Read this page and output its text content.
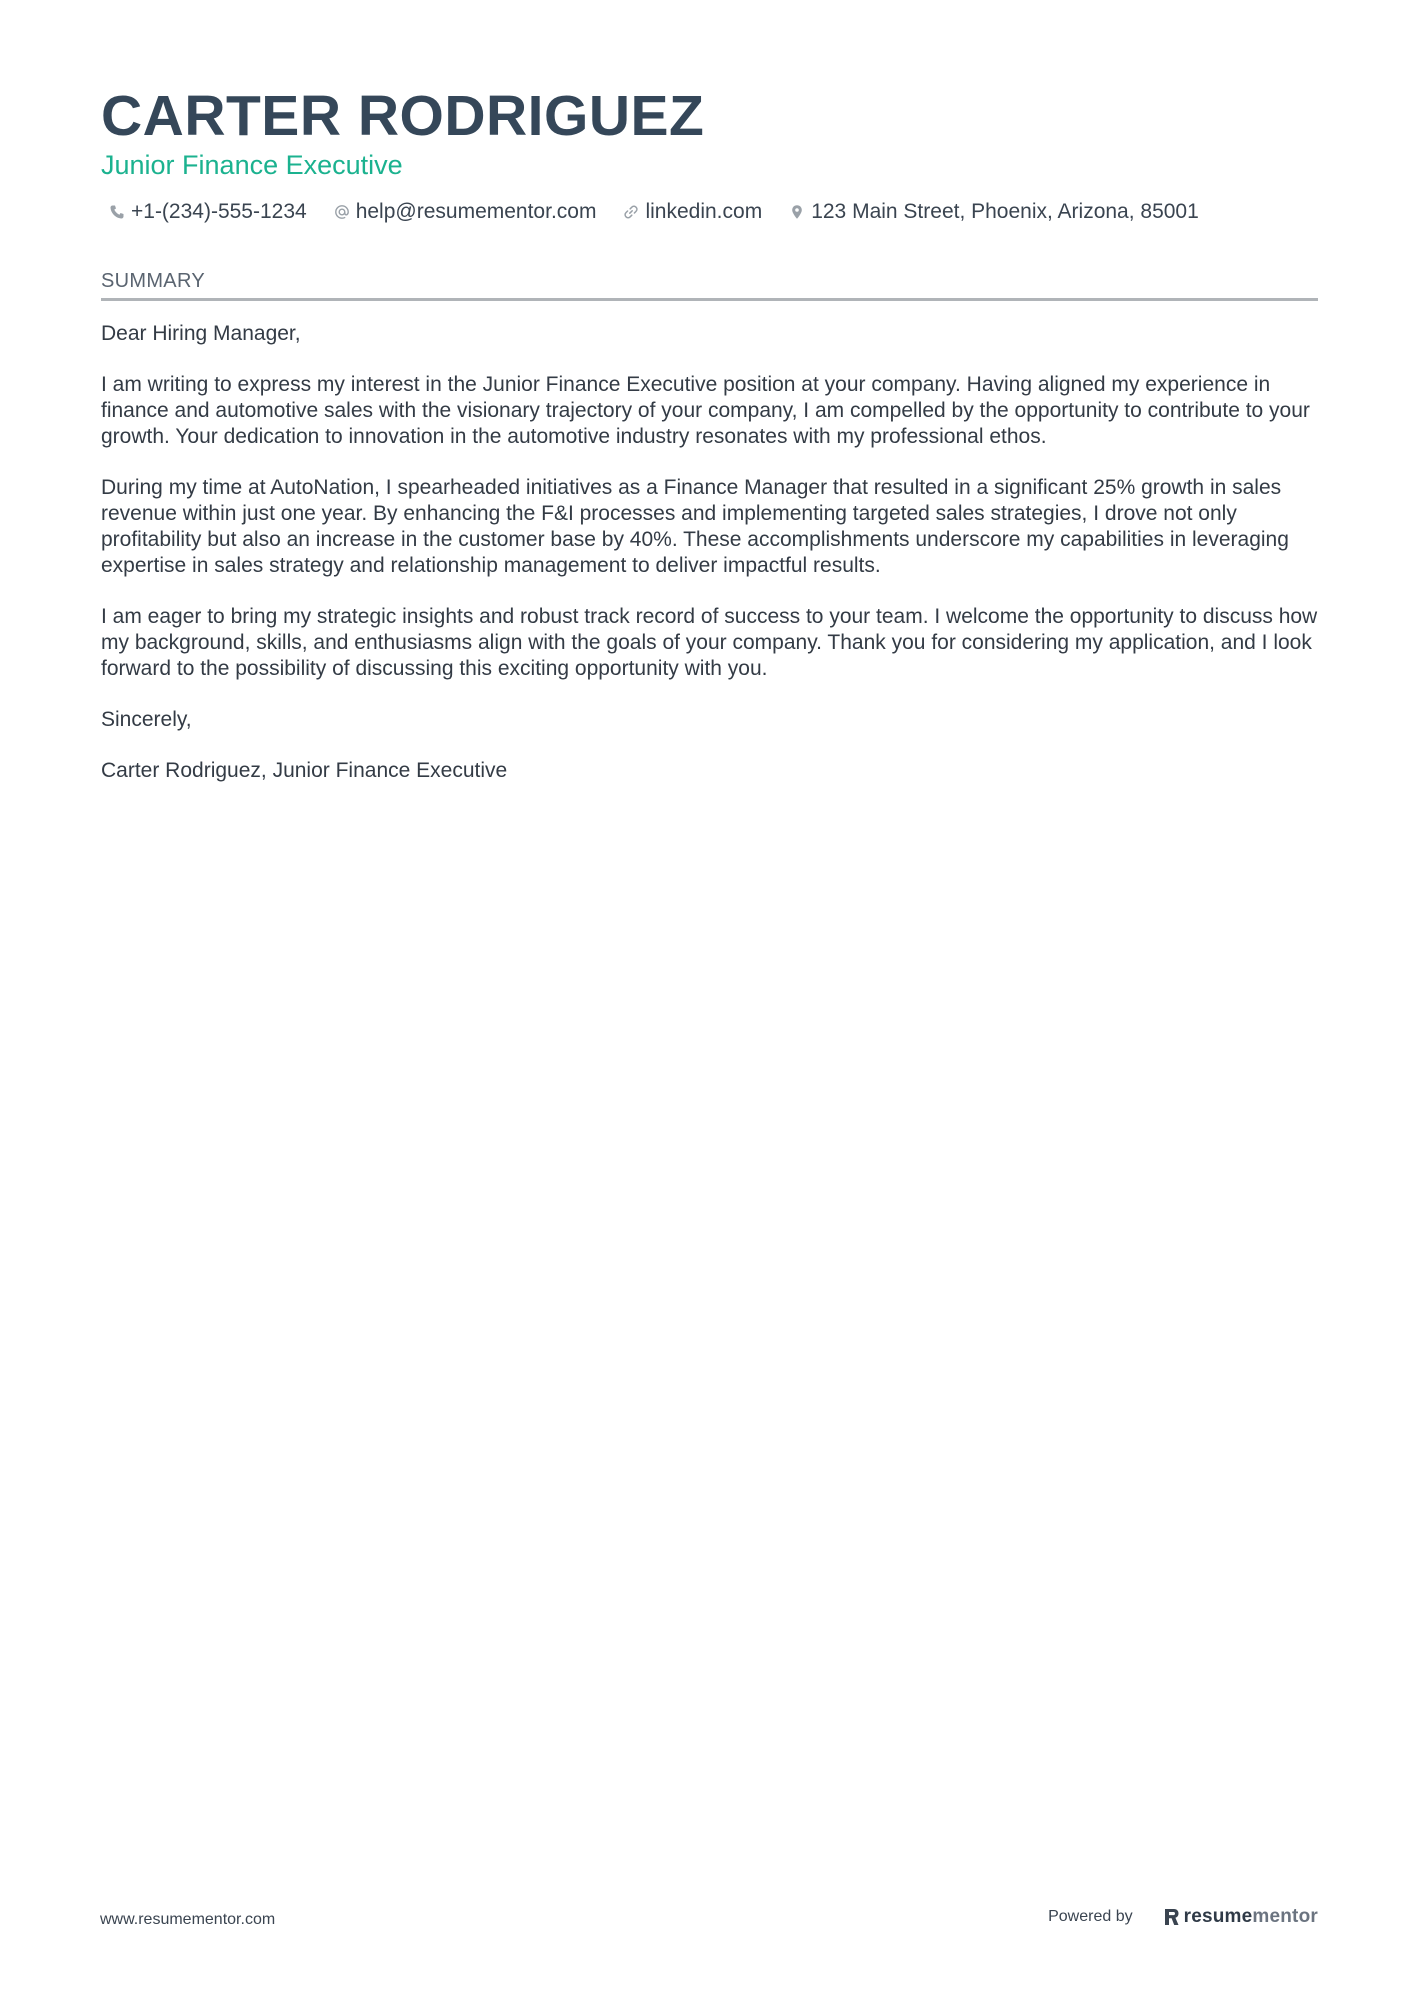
CARTER RODRIGUEZ
Junior Finance Executive
+1-(234)-555-1234 help@resumementor.com linkedin.com 123 Main Street, Phoenix, Arizona, 85001
SUMMARY

Dear Hiring Manager,

I am writing to express my interest in the Junior Finance Executive position at your company. Having aligned my experience in finance and automotive sales with the visionary trajectory of your company, I am compelled by the opportunity to contribute to your growth. Your dedication to innovation in the automotive industry resonates with my professional ethos.

During my time at AutoNation, I spearheaded initiatives as a Finance Manager that resulted in a significant 25% growth in sales revenue within just one year. By enhancing the F&I processes and implementing targeted sales strategies, I drove not only profitability but also an increase in the customer base by 40%. These accomplishments underscore my capabilities in leveraging expertise in sales strategy and relationship management to deliver impactful results.

I am eager to bring my strategic insights and robust track record of success to your team. I welcome the opportunity to discuss how my background, skills, and enthusiasms align with the goals of your company. Thank you for considering my application, and I look forward to the possibility of discussing this exciting opportunity with you.

Sincerely,

Carter Rodriguez, Junior Finance Executive

www.resumementor.com	Powered by	resume mentor
